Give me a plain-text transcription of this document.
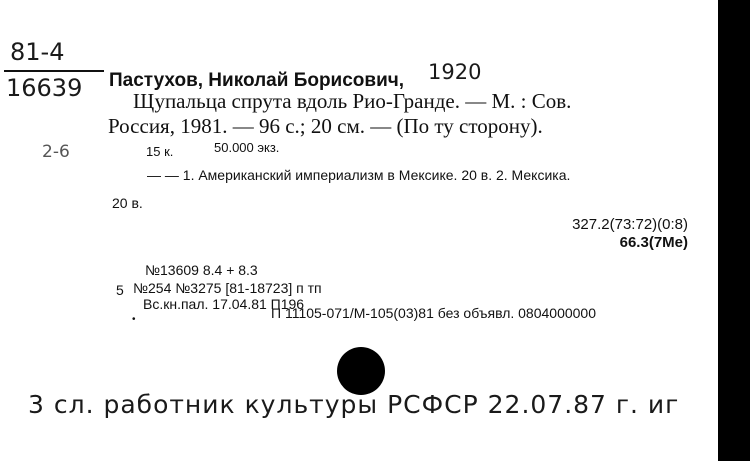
81-4
16639
2-6
Пастухов, Николай Борисович, 1920
Щупальца спрута вдоль Рио-Гранде. — М. : Сов.
Россия, 1981. — 96 с.; 20 см. — (По ту сторону).
15 к.	50.000 экз.
— — 1. Американский империализм в Мексике. 20 в. 2. Мексика.
20 в.
327.2(73:72)(0:8)
66.3(7Ме)
№13609 8.4 + 8.3
5 №254 №3275 [81-18723] п тп
Вс.кн.пал. 17.04.81 П196
•	П 11105-071/М-105(03)81 без объявл. 0804000000
3 сл. работник культуры РСФСР 22.07.87 г. иг
